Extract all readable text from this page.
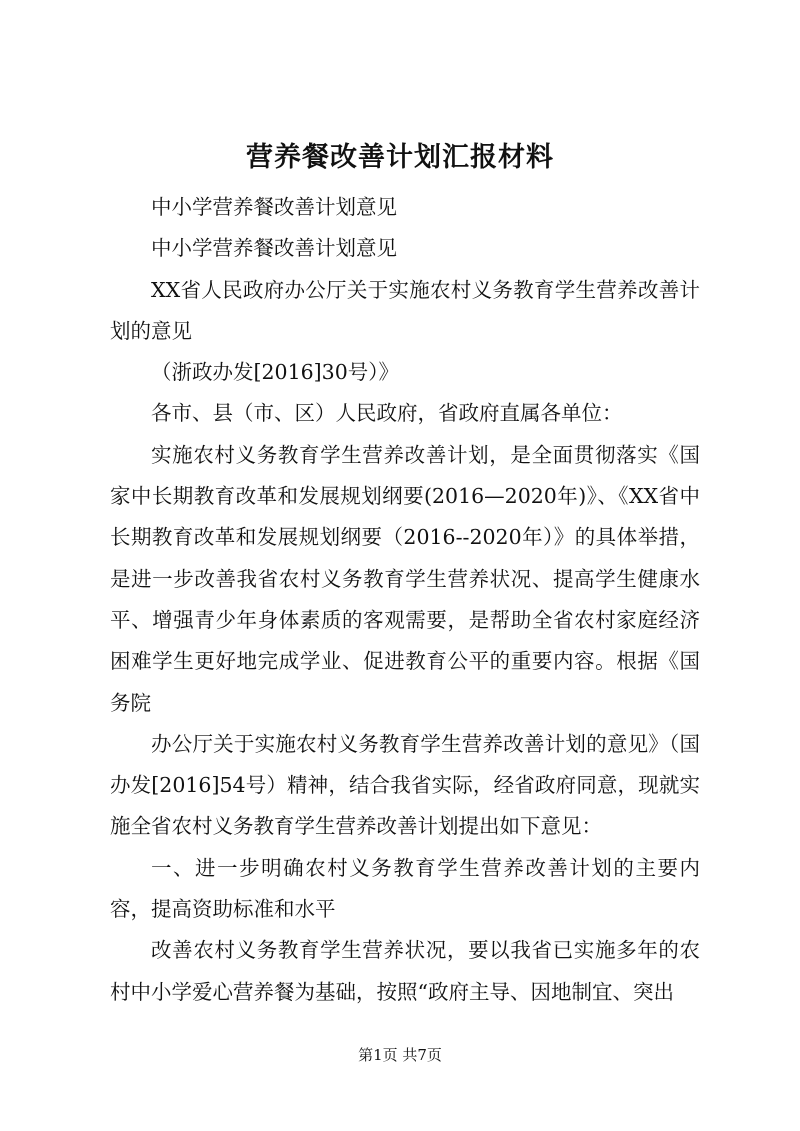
营养餐改善计划汇报材料

中小学营养餐改善计划意见

中小学营养餐改善计划意见

XX省人民政府办公厅关于实施农村义务教育学生营养改善计划的意见

（浙政办发[2016]30号）》

各市、县（市、区）人民政府，省政府直属各单位：

实施农村义务教育学生营养改善计划，是全面贯彻落实《国家中长期教育改革和发展规划纲要(2016—2020年)》、《XX省中长期教育改革和发展规划纲要（2016--2020年）》的具体举措，是进一步改善我省农村义务教育学生营养状况、提高学生健康水平、增强青少年身体素质的客观需要，是帮助全省农村家庭经济困难学生更好地完成学业、促进教育公平的重要内容。根据《国务院

办公厅关于实施农村义务教育学生营养改善计划的意见》（国办发[2016]54号）精神，结合我省实际，经省政府同意，现就实施全省农村义务教育学生营养改善计划提出如下意见：

一、进一步明确农村义务教育学生营养改善计划的主要内容，提高资助标准和水平

改善农村义务教育学生营养状况，要以我省已实施多年的农村中小学爱心营养餐为基础，按照“政府主导、因地制宜、突出

第1页 共7页
